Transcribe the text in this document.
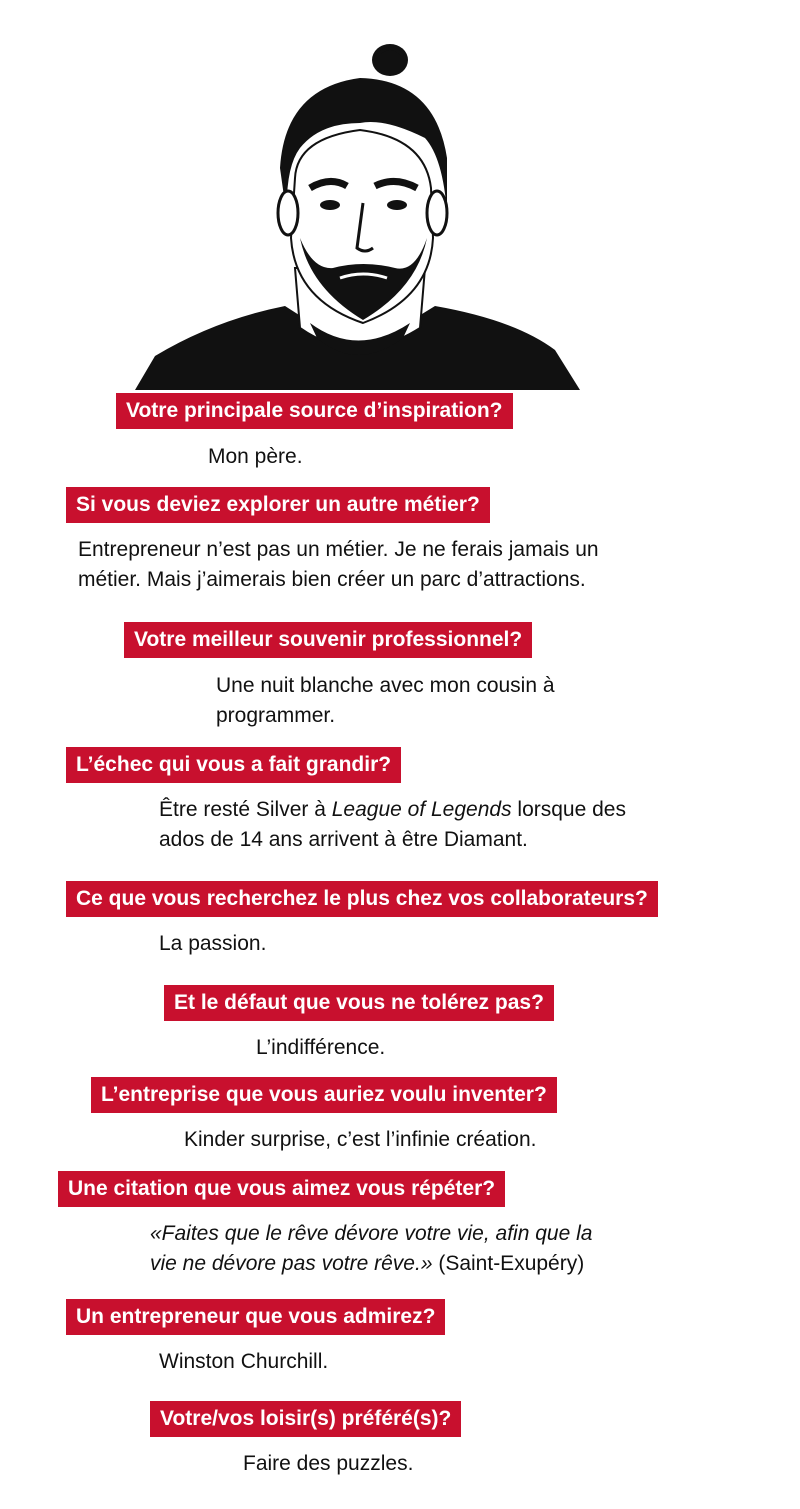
Votre principale source d’inspiration?
Mon père.
Si vous deviez explorer un autre métier?
Entrepreneur n’est pas un métier. Je ne ferais jamais un
métier. Mais j’aimerais bien créer un parc d’attractions.
Votre meilleur souvenir professionnel?
Une nuit blanche avec mon cousin à
programmer.
L’échec qui vous a fait grandir?
Être resté Silver à League of Legends lorsque des
ados de 14 ans arrivent à être Diamant.
Ce que vous recherchez le plus chez vos collaborateurs?
La passion.
Et le défaut que vous ne tolérez pas?
L’indifférence.
L’entreprise que vous auriez voulu inventer?
Kinder surprise, c’est l’infinie création.
Une citation que vous aimez vous répéter?
«Faites que le rêve dévore votre vie, afin que la
vie ne dévore pas votre rêve.» (Saint-Exupéry)
Un entrepreneur que vous admirez?
Winston Churchill.
Votre/vos loisir(s) préféré(s)?
Faire des puzzles.
